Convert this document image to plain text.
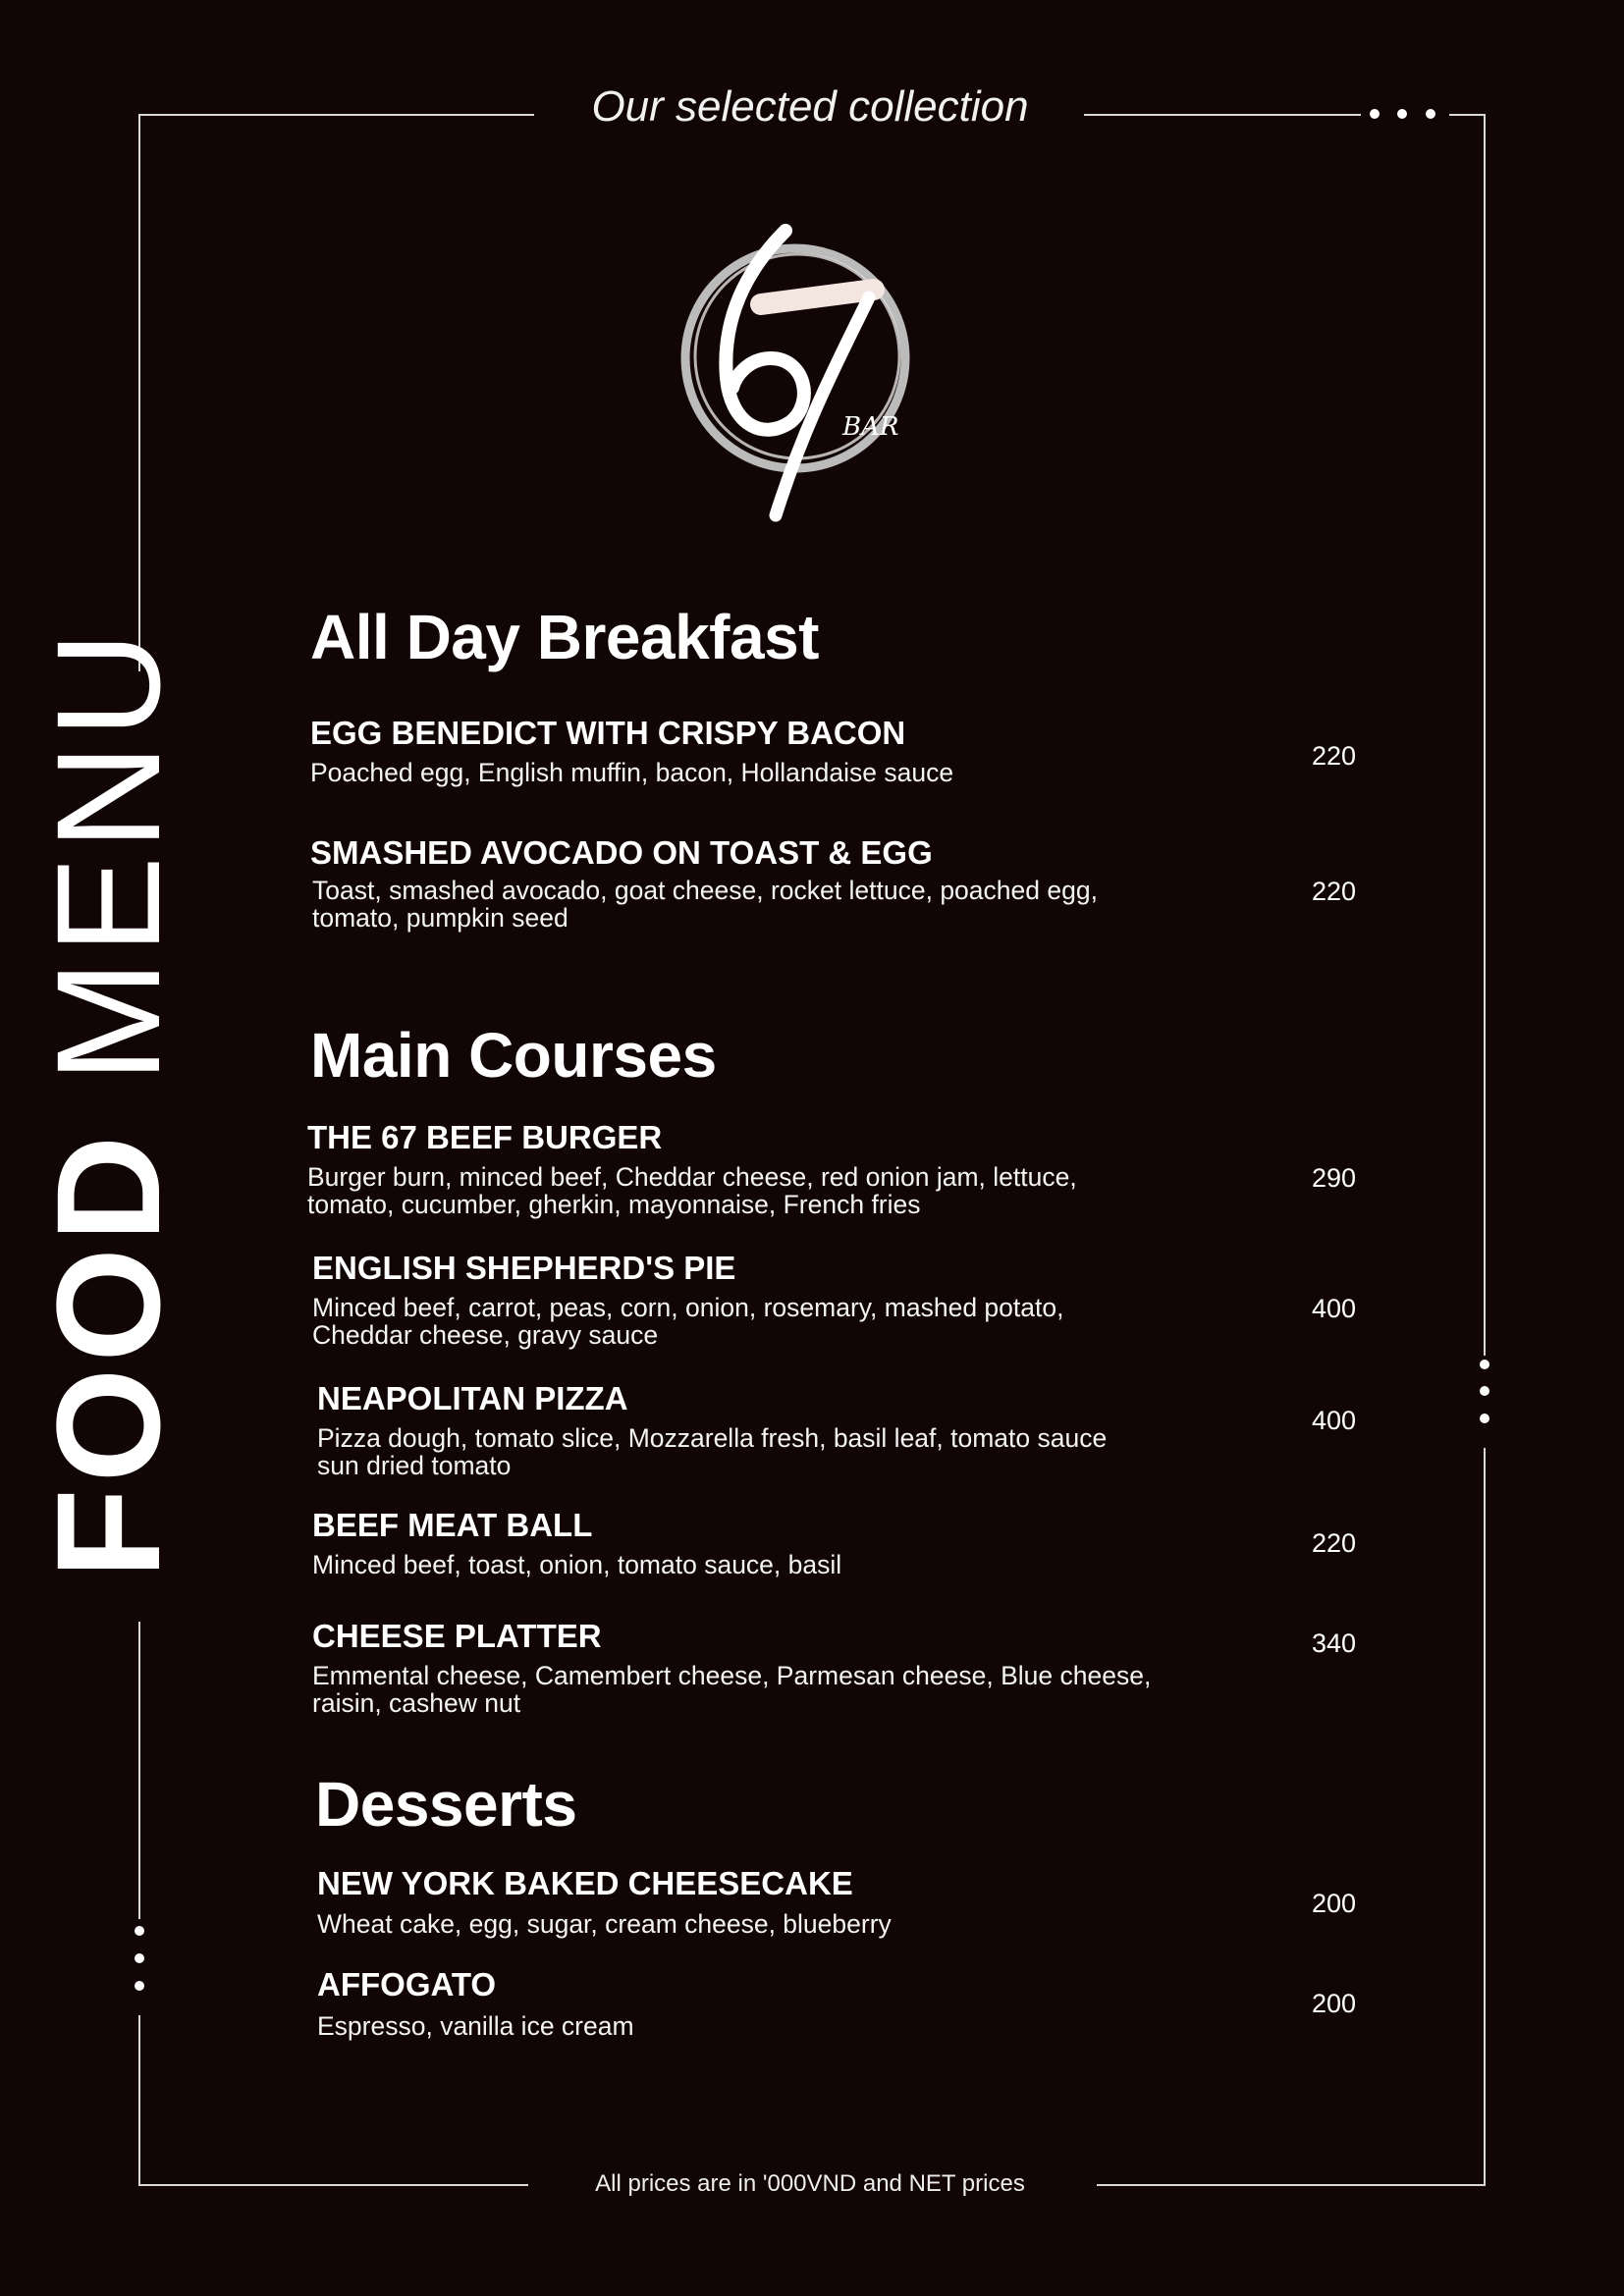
Our selected collection
BAR
FOOD MENU All Day Breakfast
EGG BENEDICT WITH CRISPY BACON
Poached egg, English muffin, bacon, Hollandaise sauce
220
SMASHED AVOCADO ON TOAST & EGG
Toast, smashed avocado, goat cheese, rocket lettuce, poached egg,
tomato, pumpkin seed
220
Main Courses
THE 67 BEEF BURGER
Burger burn, minced beef, Cheddar cheese, red onion jam, lettuce,
tomato, cucumber, gherkin, mayonnaise, French fries
290
ENGLISH SHEPHERD'S PIE
Minced beef, carrot, peas, corn, onion, rosemary, mashed potato,
Cheddar cheese, gravy sauce
400
NEAPOLITAN PIZZA
Pizza dough, tomato slice, Mozzarella fresh, basil leaf, tomato sauce
sun dried tomato
400
BEEF MEAT BALL
Minced beef, toast, onion, tomato sauce, basil
220
CHEESE PLATTER
Emmental cheese, Camembert cheese, Parmesan cheese, Blue cheese,
raisin, cashew nut
340
Desserts
NEW YORK BAKED CHEESECAKE
Wheat cake, egg, sugar, cream cheese, blueberry
200
AFFOGATO
Espresso, vanilla ice cream
200
All prices are in '000VND and NET prices
